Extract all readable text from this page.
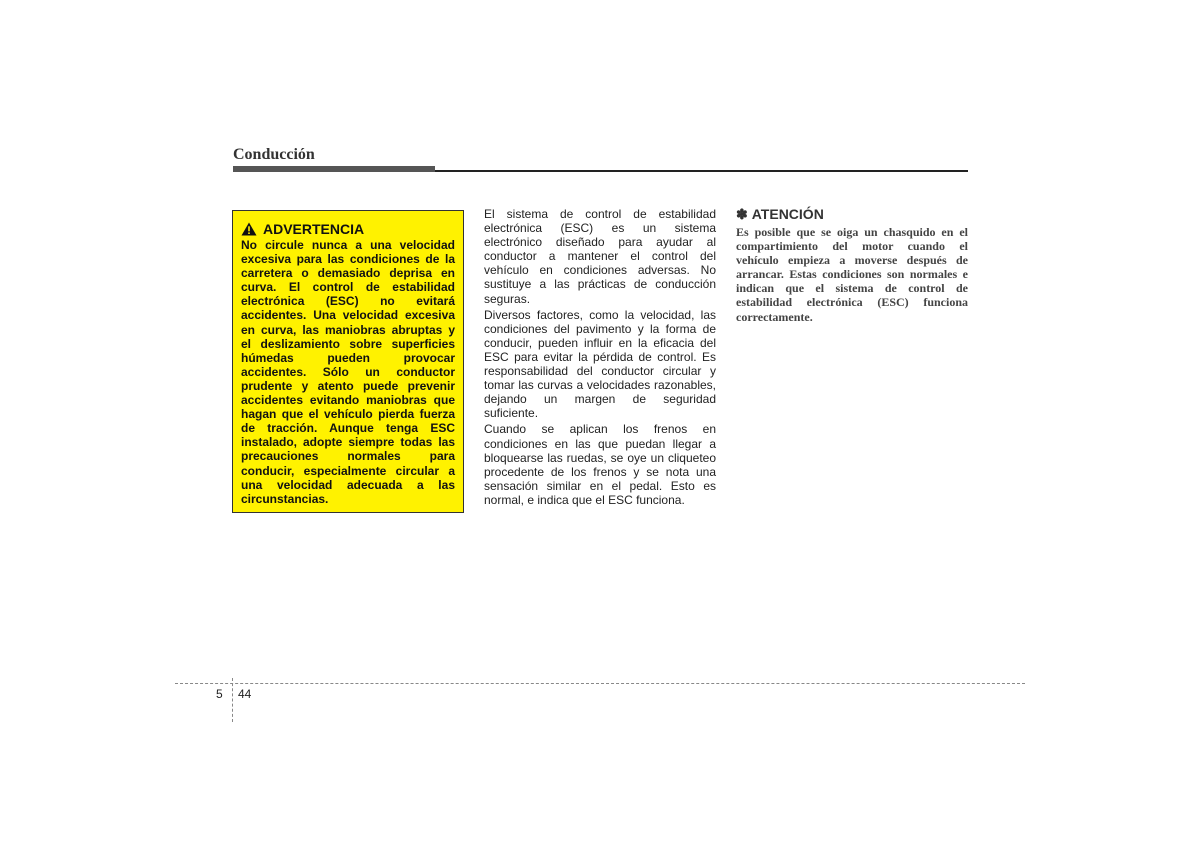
Conducción
ADVERTENCIA

No circule nunca a una velocidad excesiva para las condiciones de la carretera o demasiado deprisa en curva. El control de estabilidad electrónica (ESC) no evitará accidentes. Una velocidad excesiva en curva, las maniobras abruptas y el deslizamiento sobre superficies húmedas pueden provocar accidentes. Sólo un conductor prudente y atento puede prevenir accidentes evitando maniobras que hagan que el vehículo pierda fuerza de tracción. Aunque tenga ESC instalado, adopte siempre todas las precauciones normales para conducir, especialmente circular a una velocidad adecuada a las circunstancias.

El sistema de control de estabilidad electrónica (ESC) es un sistema electrónico diseñado para ayudar al conductor a mantener el control del vehículo en condiciones adversas. No sustituye a las prácticas de conducción seguras.

Diversos factores, como la velocidad, las condiciones del pavimento y la forma de conducir, pueden influir en la eficacia del ESC para evitar la pérdida de control. Es responsabilidad del conductor circular y tomar las curvas a velocidades razonables, dejando un margen de seguridad suficiente.

Cuando se aplican los frenos en condiciones en las que puedan llegar a bloquearse las ruedas, se oye un cliqueteo procedente de los frenos y se nota una sensación similar en el pedal. Esto es normal, e indica que el ESC funciona.

✽ ATENCIÓN

Es posible que se oiga un chasquido en el compartimiento del motor cuando el vehículo empieza a moverse después de arrancar. Estas condiciones son normales e indican que el sistema de control de estabilidad electrónica (ESC) funciona correctamente.

5 44
